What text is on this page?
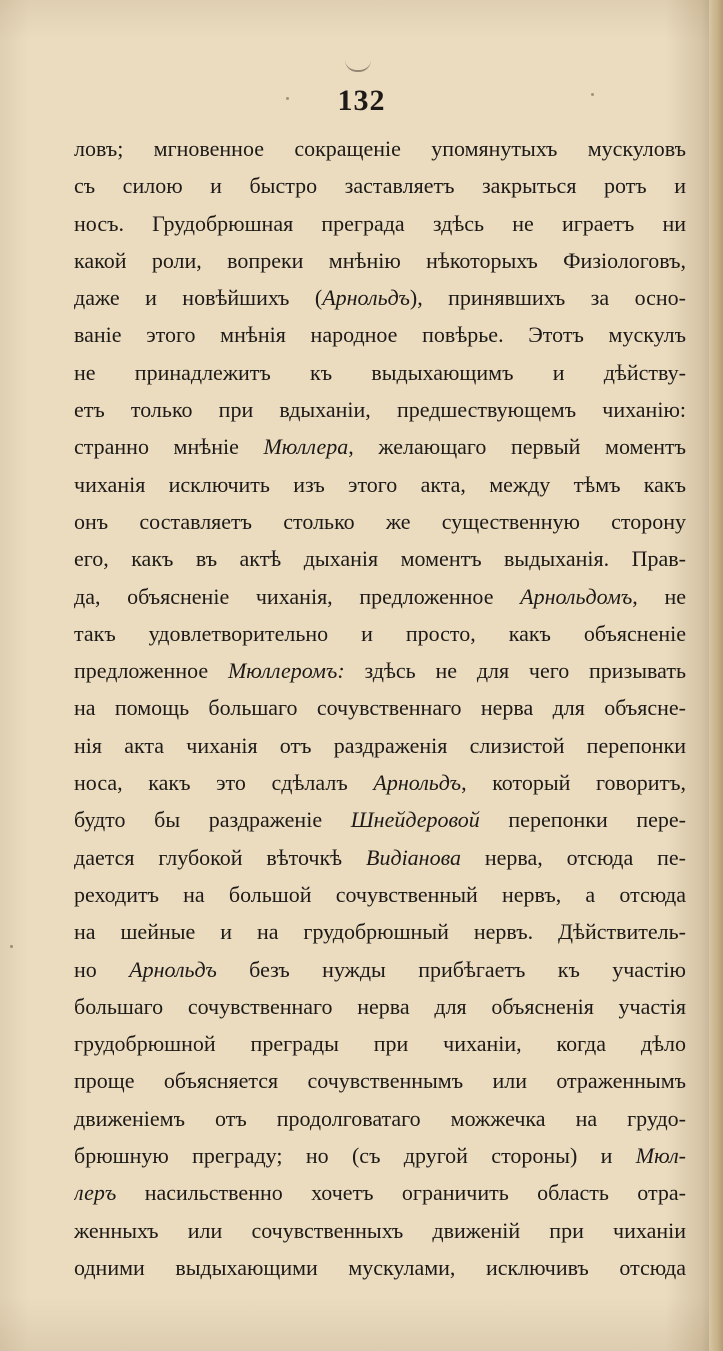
132
ловъ; мгновенное сокращеніе упомянутыхъ мускуловъ
съ силою и быстро заставляетъ закрыться ротъ и
носъ. Грудобрюшная преграда здѣсь не играетъ ни
какой роли, вопреки мнѣнію нѣкоторыхъ Физіологовъ,
даже и новѣйшихъ (Арнольдъ), принявшихъ за осно-
ваніе этого мнѣнія народное повѣрье. Этотъ мускулъ
не принадлежитъ къ выдыхающимъ и дѣйству-
етъ только при вдыханіи, предшествующемъ чиханію:
странно мнѣніе Мюллера, желающаго первый моментъ
чиханія исключить изъ этого акта, между тѣмъ какъ
онъ составляетъ столько же существенную сторону
его, какъ въ актѣ дыханія моментъ выдыханія. Прав-
да, объясненіе чиханія, предложенное Арнольдомъ, не
такъ удовлетворительно и просто, какъ объясненіе
предложенное Мюллеромъ: здѣсь не для чего призывать
на помощь большаго сочувственнаго нерва для объясне-
нія акта чиханія отъ раздраженія слизистой перепонки
носа, какъ это сдѣлалъ Арнольдъ, который говоритъ,
будто бы раздраженіе Шнейдеровой перепонки пере-
дается глубокой вѣточкѣ Видіанова нерва, отсюда пе-
реходитъ на большой сочувственный нервъ, а отсюда
на шейные и на грудобрюшный нервъ. Дѣйствитель-
но Арнольдъ безъ нужды прибѣгаетъ къ участію
большаго сочувственнаго нерва для объясненія участія
грудобрюшной преграды при чиханіи, когда дѣло
проще объясняется сочувственнымъ или отраженнымъ
движеніемъ отъ продолговатаго можжечка на грудо-
брюшную преграду; но (съ другой стороны) и Мюл-
леръ насильственно хочетъ ограничить область отра-
женныхъ или сочувственныхъ движеній при чиханіи
одними выдыхающими мускулами, исключивъ отсюда
